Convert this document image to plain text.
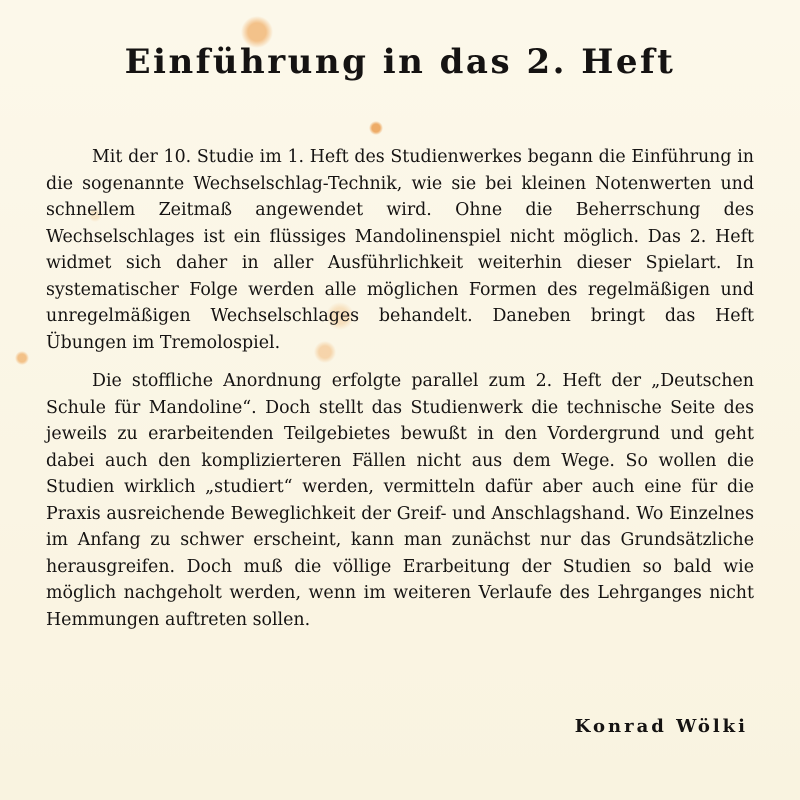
Einführung in das 2. Heft

Mit der 10. Studie im 1. Heft des Studienwerkes begann die Einführung in die sogenannte Wechselschlag-Technik, wie sie bei kleinen Notenwerten und schnellem Zeitmaß angewendet wird. Ohne die Beherrschung des Wechselschlages ist ein flüssiges Mandolinenspiel nicht möglich. Das 2. Heft widmet sich daher in aller Ausführlichkeit weiterhin dieser Spielart. In systematischer Folge werden alle möglichen Formen des regelmäßigen und unregelmäßigen Wechselschlages behandelt. Daneben bringt das Heft Übungen im Tremolospiel.

Die stoffliche Anordnung erfolgte parallel zum 2. Heft der „Deutschen Schule für Mandoline“. Doch stellt das Studienwerk die technische Seite des jeweils zu erarbeitenden Teilgebietes bewußt in den Vordergrund und geht dabei auch den komplizierteren Fällen nicht aus dem Wege. So wollen die Studien wirklich „studiert“ werden, vermitteln dafür aber auch eine für die Praxis ausreichende Beweglichkeit der Greif- und Anschlagshand. Wo Einzelnes im Anfang zu schwer erscheint, kann man zunächst nur das Grundsätzliche herausgreifen. Doch muß die völlige Erarbeitung der Studien so bald wie möglich nachgeholt werden, wenn im weiteren Verlaufe des Lehrganges nicht Hemmungen auftreten sollen.

Konrad Wölki
